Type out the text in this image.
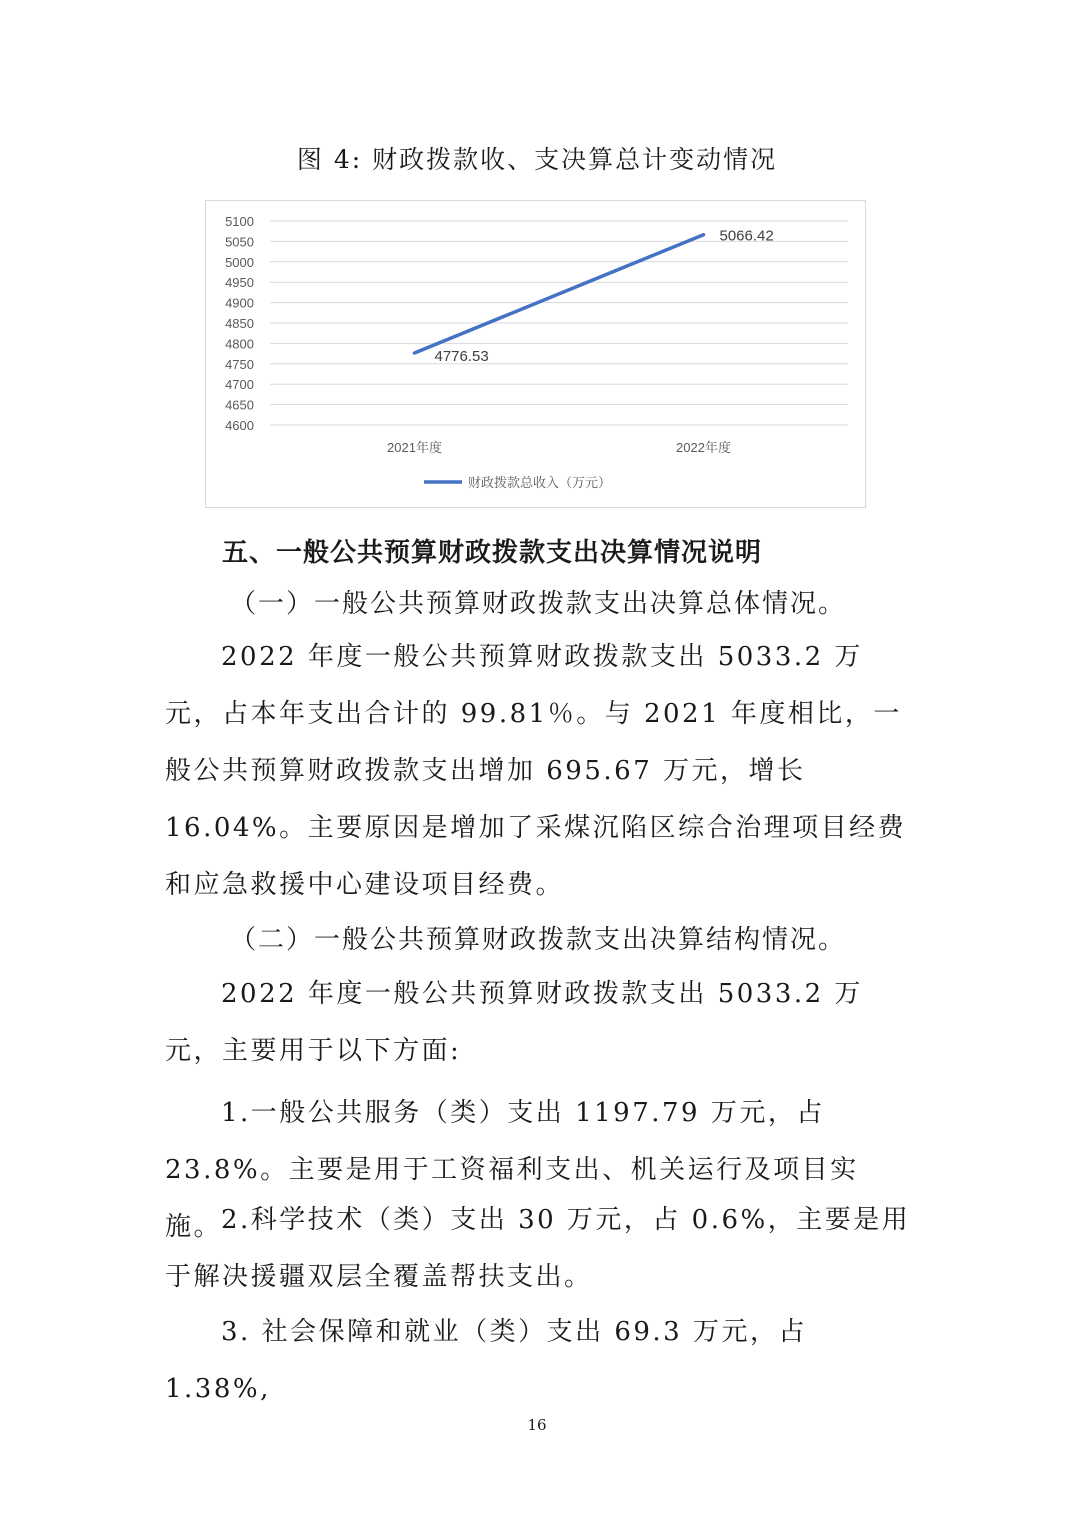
图 4: 财政拨款收、支决算总计变动情况
4600
4650
4700
4750
4800
4850
4900
4950
5000
5050
5100
2021年度	2022年度
4776.53
5066.42
财政拨款总收入（万元）
五、一般公共预算财政拨款支出决算情况说明
（一）一般公共预算财政拨款支出决算总体情况。

2022 年度一般公共预算财政拨款支出 5033.2 万元，占本年支出合计的 99.81％。与 2021 年度相比，一般公共预算财政拨款支出增加 695.67 万元，增长 16.04%。主要原因是增加了采煤沉陷区综合治理项目经费和应急救援中心建设项目经费。

（二）一般公共预算财政拨款支出决算结构情况。

2022 年度一般公共预算财政拨款支出 5033.2 万元，主要用于以下方面:

1.一般公共服务（类）支出 1197.79 万元，占 23.8%。主要是用于工资福利支出、机关运行及项目实施。

2.科学技术（类）支出 30 万元，占 0.6%，主要是用于解决援疆双层全覆盖帮扶支出。

3. 社会保障和就业（类）支出 69.3 万元，占 1.38%,

16
